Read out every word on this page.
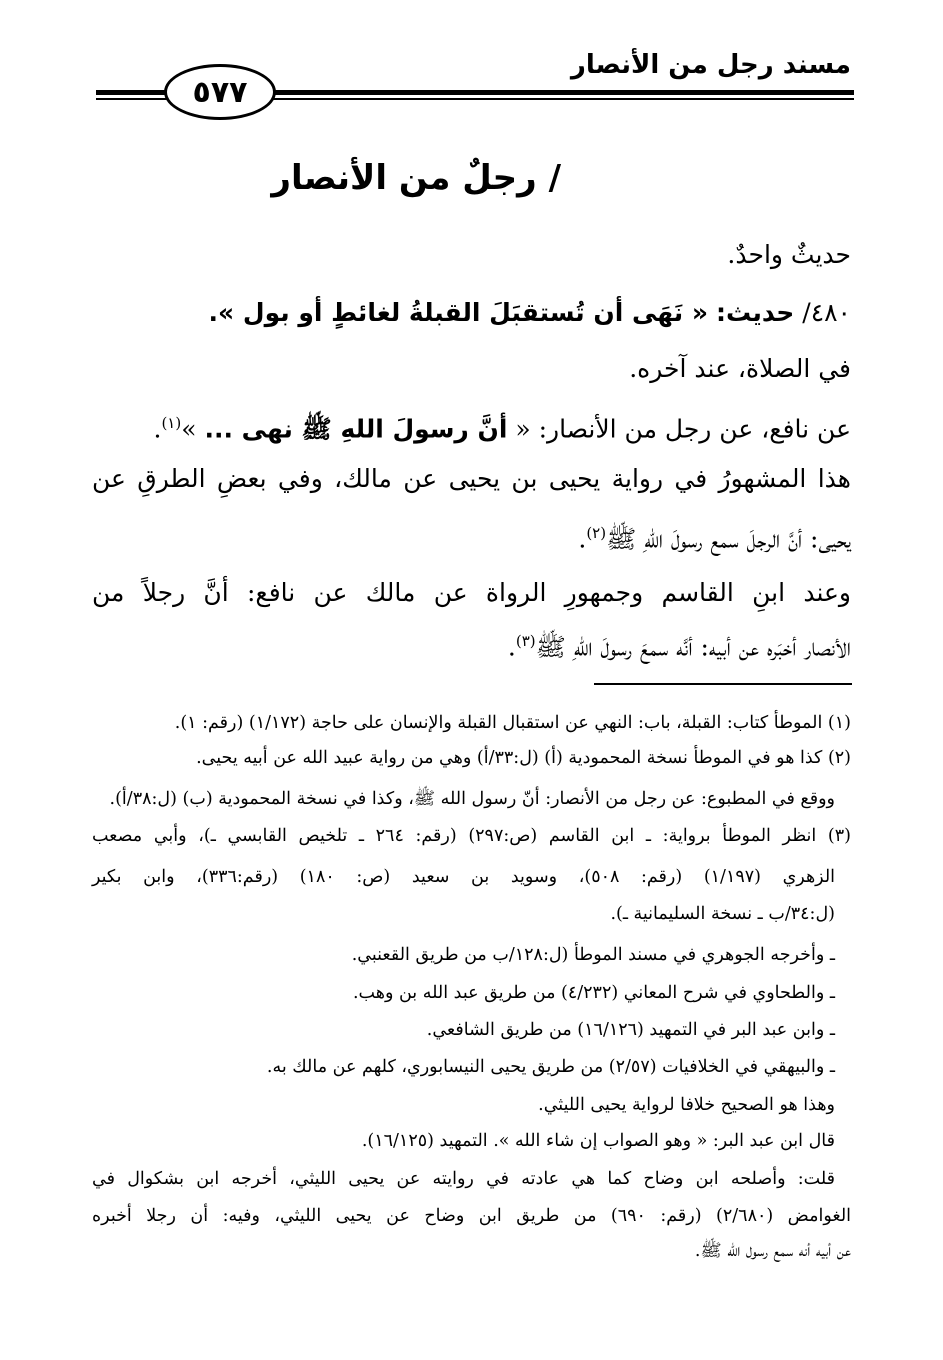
مسند رجل من الأنصار
٥٧٧
/ رجلٌ من الأنصار
حديثٌ واحدٌ.
٤٨٠/ حديث: « نَهَى أن تُستقبَلَ القبلةُ لغائطٍ أو بول ».
في الصلاة، عند آخره.
عن نافع، عن رجل من الأنصار: « أنَّ رسولَ اللهِ ﷺ نهى ... »$^{(١)}$.
هذا المشهورُ في رواية يحيى بن يحيى عن مالك، وفي بعضِ الطرقِ عن
يحيى: أنَّ الرجلَ سمع رسولَ اللهِ ﷺ$^{(٢)}$.
وعند ابنِ القاسم وجمهورِ الرواة عن مالك عن نافع: أنَّ رجلاً من
الأنصار أخبَره عن أبيه: أنَّه سمعَ رسولَ اللهِ ﷺ$^{(٣)}$.
(١) الموطأ كتاب: القبلة، باب: النهي عن استقبال القبلة والإنسان على حاجة (١/١٧٢) (رقم: ١).
(٢) كذا هو في الموطأ نسخة المحمودية (أ) (ل:٣٣/أ) وهي من رواية عبيد الله عن أبيه يحيى.
ووقع في المطبوع: عن رجل من الأنصار: أنّ رسول الله ﷺ، وكذا في نسخة المحمودية (ب) (ل:٣٨/أ).
(٣) انظر الموطأ برواية: ـ ابن القاسم (ص:٢٩٧) (رقم: ٢٦٤ ـ تلخيص القابسي ـ)، وأبي مصعب
الزهري (١/١٩٧) (رقم: ٥٠٨)، وسويد بن سعيد (ص: ١٨٠) (رقم:٣٣٦)، وابن بكير
(ل:٣٤/ب ـ نسخة السليمانية ـ).
ـ وأخرجه الجوهري في مسند الموطأ (ل:١٢٨/ب من طريق القعنبي.
ـ والطحاوي في شرح المعاني (٤/٢٣٢) من طريق عبد الله بن وهب.
ـ وابن عبد البر في التمهيد (١٦/١٢٦) من طريق الشافعي.
ـ والبيهقي في الخلافيات (٢/٥٧) من طريق يحيى النيسابوري، كلهم عن مالك به.
وهذا هو الصحيح خلافا لرواية يحيى الليثي.
قال ابن عبد البر: « وهو الصواب إن شاء الله ». التمهيد (١٦/١٢٥).
قلت: وأصلحه ابن وضاح كما هي عادته في روايته عن يحيى الليثي، أخرجه ابن بشكوال في
الغوامض (٢/٦٨٠) (رقم: ٦٩٠) من طريق ابن وضاح عن يحيى الليثي، وفيه: أن رجلا أخبره
عن أبيه أنه سمع رسول الله ﷺ.
